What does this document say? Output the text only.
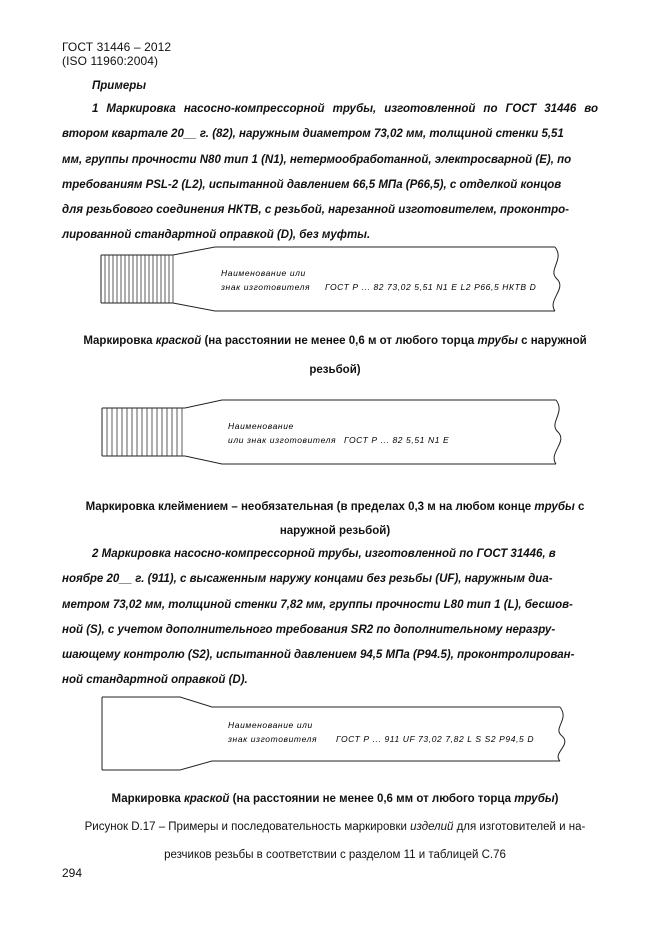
ГОСТ 31446 – 2012
(ISO 11960:2004)
Примеры
1 Маркировка насосно-компрессорной трубы, изготовленной по ГОСТ 31446 во
втором квартале 20__ г. (82), наружным диаметром 73,02 мм, толщиной стенки 5,51
мм, группы прочности N80 тип 1 (N1), нетермообработанной, электросварной (E), по
требованиям PSL-2 (L2), испытанной давлением 66,5 МПа (P66,5), с отделкой концов
для резьбового соединения НКТВ, с резьбой, нарезанной изготовителем, проконтро-
лированной стандартной оправкой (D), без муфты.
Наименование или
знак изготовителя ГОСТ Р ... 82 73,02 5,51 N1 E L2 P66,5 НКТВ D
Маркировка краской (на расстоянии не менее 0,6 м от любого торца трубы с наружной
резьбой)
Наименование
или знак изготовителя ГОСТ Р ... 82 5,51 N1 E
Маркировка клеймением – необязательная (в пределах 0,3 м на любом конце трубы с
наружной резьбой)
2 Маркировка насосно-компрессорной трубы, изготовленной по ГОСТ 31446, в
ноябре 20__ г. (911), с высаженным наружу концами без резьбы (UF), наружным диа-
метром 73,02 мм, толщиной стенки 7,82 мм, группы прочности L80 тип 1 (L), бесшов-
ной (S), с учетом дополнительного требования SR2 по дополнительному неразру-
шающему контролю (S2), испытанной давлением 94,5 МПа (P94.5), проконтролирован-
ной стандартной оправкой (D).
Наименование или
знак изготовителя ГОСТ Р ... 911 UF 73,02 7,82 L S S2 P94,5 D
Маркировка краской (на расстоянии не менее 0,6 мм от любого торца трубы)
Рисунок D.17 – Примеры и последовательность маркировки изделий для изготовителей и на-
резчиков резьбы в соответствии с разделом 11 и таблицей C.76
294
